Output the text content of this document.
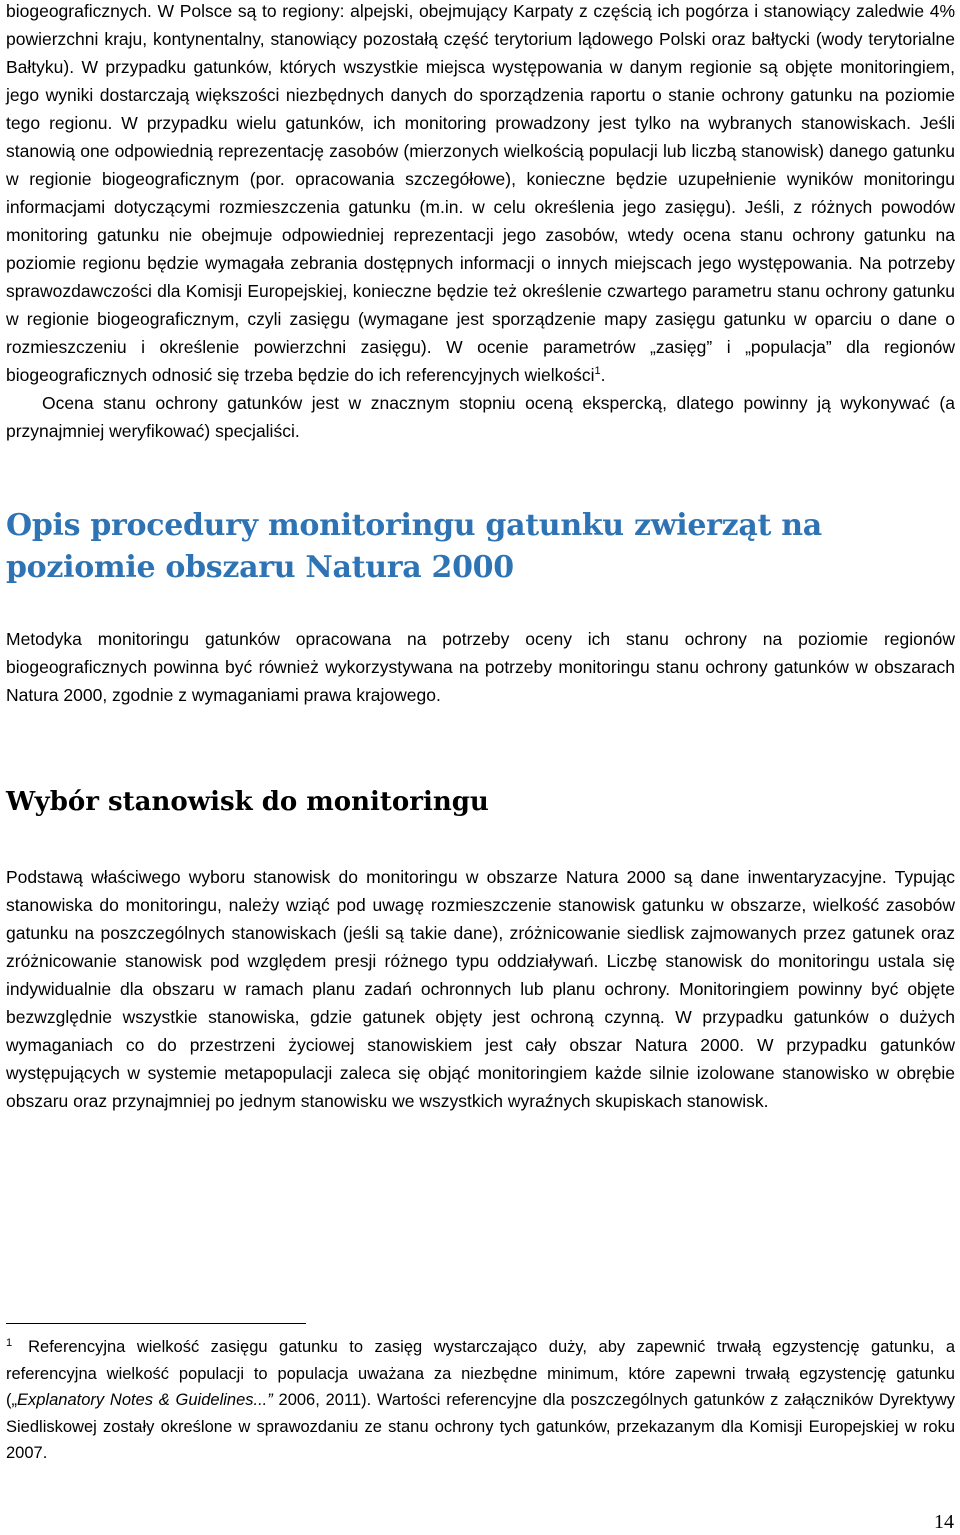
biogeograficznych. W Polsce są to regiony: alpejski, obejmujący Karpaty z częścią ich pogórza i stanowiący zaledwie 4% powierzchni kraju, kontynentalny, stanowiący pozostałą część terytorium lądowego Polski oraz bałtycki (wody terytorialne Bałtyku). W przypadku gatunków, których wszystkie miejsca występowania w danym regionie są objęte monitoringiem, jego wyniki dostarczają większości niezbędnych danych do sporządzenia raportu o stanie ochrony gatunku na poziomie tego regionu. W przypadku wielu gatunków, ich monitoring prowadzony jest tylko na wybranych stanowiskach. Jeśli stanowią one odpowiednią reprezentację zasobów (mierzonych wielkością populacji lub liczbą stanowisk) danego gatunku w regionie biogeograficznym (por. opracowania szczegółowe), konieczne będzie uzupełnienie wyników monitoringu informacjami dotyczącymi rozmieszczenia gatunku (m.in. w celu określenia jego zasięgu). Jeśli, z różnych powodów monitoring gatunku nie obejmuje odpowiedniej reprezentacji jego zasobów, wtedy ocena stanu ochrony gatunku na poziomie regionu będzie wymagała zebrania dostępnych informacji o innych miejscach jego występowania. Na potrzeby sprawozdawczości dla Komisji Europejskiej, konieczne będzie też określenie czwartego parametru stanu ochrony gatunku w regionie biogeograficznym, czyli zasięgu (wymagane jest sporządzenie mapy zasięgu gatunku w oparciu o dane o rozmieszczeniu i określenie powierzchni zasięgu). W ocenie parametrów „zasięg” i „populacja” dla regionów biogeograficznych odnosić się trzeba będzie do ich referencyjnych wielkości$^1$.

Ocena stanu ochrony gatunków jest w znacznym stopniu oceną ekspercką, dlatego powinny ją wykonywać (a przynajmniej weryfikować) specjaliści.

Opis procedury monitoringu gatunku zwierząt na poziomie obszaru Natura 2000

Metodyka monitoringu gatunków opracowana na potrzeby oceny ich stanu ochrony na poziomie regionów biogeograficznych powinna być również wykorzystywana na potrzeby monitoringu stanu ochrony gatunków w obszarach Natura 2000, zgodnie z wymaganiami prawa krajowego.

Wybór stanowisk do monitoringu

Podstawą właściwego wyboru stanowisk do monitoringu w obszarze Natura 2000 są dane inwentaryzacyjne. Typując stanowiska do monitoringu, należy wziąć pod uwagę rozmieszczenie stanowisk gatunku w obszarze, wielkość zasobów gatunku na poszczególnych stanowiskach (jeśli są takie dane), zróżnicowanie siedlisk zajmowanych przez gatunek oraz zróżnicowanie stanowisk pod względem presji różnego typu oddziaływań. Liczbę stanowisk do monitoringu ustala się indywidualnie dla obszaru w ramach planu zadań ochronnych lub planu ochrony. Monitoringiem powinny być objęte bezwzględnie wszystkie stanowiska, gdzie gatunek objęty jest ochroną czynną. W przypadku gatunków o dużych wymaganiach co do przestrzeni życiowej stanowiskiem jest cały obszar Natura 2000. W przypadku gatunków występujących w systemie metapopulacji zaleca się objąć monitoringiem każde silnie izolowane stanowisko w obrębie obszaru oraz przynajmniej po jednym stanowisku we wszystkich wyraźnych skupiskach stanowisk.

$^1$ Referencyjna wielkość zasięgu gatunku to zasięg wystarczająco duży, aby zapewnić trwałą egzystencję gatunku, a referencyjna wielkość populacji to populacja uważana za niezbędne minimum, które zapewni trwałą egzystencję gatunku („Explanatory Notes & Guidelines...” 2006, 2011). Wartości referencyjne dla poszczególnych gatunków z załączników Dyrektywy Siedliskowej zostały określone w sprawozdaniu ze stanu ochrony tych gatunków, przekazanym dla Komisji Europejskiej w roku 2007.
14
